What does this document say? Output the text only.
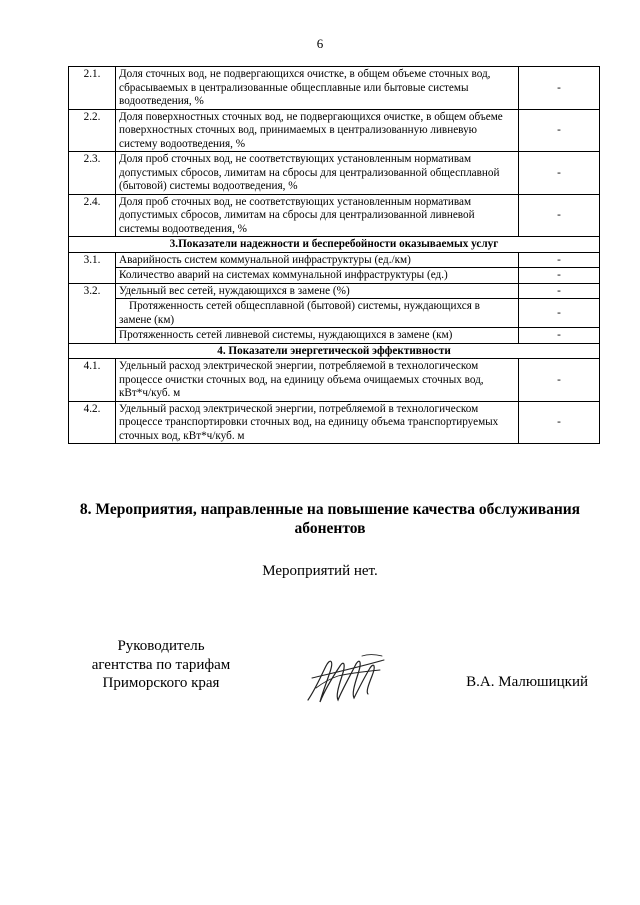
6
2.1.	Доля сточных вод, не подвергающихся очистке, в общем объеме сточных вод, сбрасываемых в централизованные общесплавные или бытовые системы водоотведения, %	-
2.2.	Доля поверхностных сточных вод, не подвергающихся очистке, в общем объеме поверхностных сточных вод, принимаемых в централизованную ливневую систему водоотведения, %	-
2.3.	Доля проб сточных вод, не соответствующих установленным нормативам допустимых сбросов, лимитам на сбросы для централизованной общесплавной (бытовой) системы водоотведения, %	-
2.4.	Доля проб сточных вод, не соответствующих установленным нормативам допустимых сбросов, лимитам на сбросы для централизованной ливневой системы водоотведения, %	-
3.Показатели надежности и бесперебойности оказываемых услуг		
3.1.	Аварийность систем коммунальной инфраструктуры (ед./км)	-
	Количество аварий на системах коммунальной инфраструктуры (ед.)	-
3.2.	Удельный вес сетей, нуждающихся в замене (%)	-
	Протяженность сетей общесплавной (бытовой) системы, нуждающихся в замене (км)	-
	Протяженность сетей ливневой системы, нуждающихся в замене (км)	-
4. Показатели энергетической эффективности		
4.1.	Удельный расход электрической энергии, потребляемой в технологическом процессе очистки сточных вод, на единицу объема очищаемых сточных вод, кВт*ч/куб. м	-
4.2.	Удельный расход электрической энергии, потребляемой в технологическом процессе транспортировки сточных вод, на единицу объема транспортируемых сточных вод, кВт*ч/куб. м	-
8. Мероприятия, направленные на повышение качества обслуживания абонентов
Мероприятий нет.
Руководитель
агентства по тарифам
Приморского края	В.А. Малюшицкий
